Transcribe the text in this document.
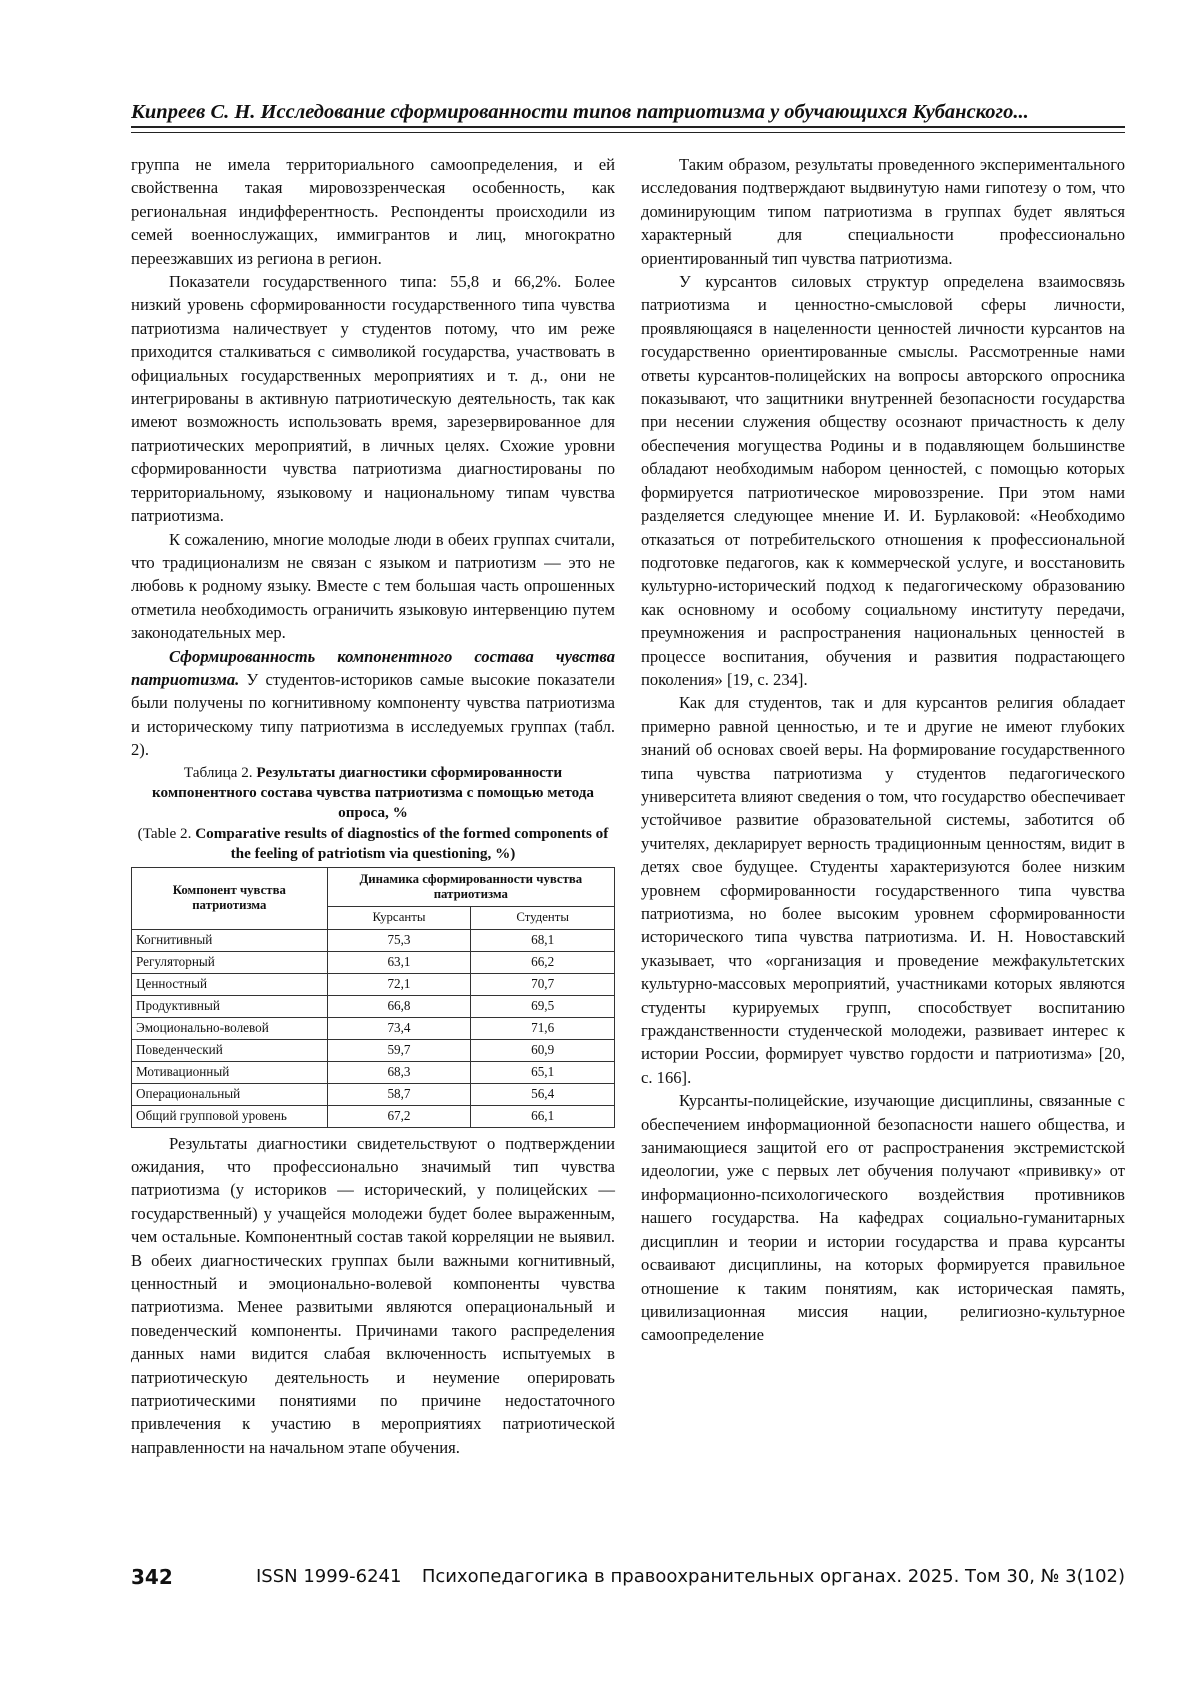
Кипреев С. Н. Исследование сформированности типов патриотизма у обучающихся Кубанского...

группа не имела территориального самоопределения, и ей свойственна такая мировоззренческая особенность, как региональная индифферентность. Респонденты происходили из семей военнослужащих, иммигрантов и лиц, многократно переезжавших из региона в регион.

Показатели государственного типа: 55,8 и 66,2%. Более низкий уровень сформированности государственного типа чувства патриотизма наличествует у студентов потому, что им реже приходится сталкиваться с символикой государства, участвовать в официальных государственных мероприятиях и т. д., они не интегрированы в активную патриотическую деятельность, так как имеют возможность использовать время, зарезервированное для патриотических мероприятий, в личных целях. Схожие уровни сформированности чувства патриотизма диагностированы по территориальному, языковому и национальному типам чувства патриотизма.

К сожалению, многие молодые люди в обеих группах считали, что традиционализм не связан с языком и патриотизм — это не любовь к родному языку. Вместе с тем большая часть опрошенных отметила необходимость ограничить языковую интервенцию путем законодательных мер.

Сформированность компонентного состава чувства патриотизма. У студентов-историков самые высокие показатели были получены по когнитивному компоненту чувства патриотизма и историческому типу патриотизма в исследуемых группах (табл. 2).

Таблица 2. Результаты диагностики сформированности компонентного состава чувства патриотизма с помощью метода опроса, %
(Table 2. Comparative results of diagnostics of the formed components of the feeling of patriotism via questioning, %)
Компонент чувства патриотизма	Динамика сформированности чувства патриотизма	
	Курсанты	Студенты
Когнитивный	75,3	68,1
Регуляторный	63,1	66,2
Ценностный	72,1	70,7
Продуктивный	66,8	69,5
Эмоционально-волевой	73,4	71,6
Поведенческий	59,7	60,9
Мотивационный	68,3	65,1
Операциональный	58,7	56,4
Общий групповой уровень	67,2	66,1

Результаты диагностики свидетельствуют о подтверждении ожидания, что профессионально значимый тип чувства патриотизма (у историков — исторический, у полицейских — государственный) у учащейся молодежи будет более выраженным, чем остальные. Компонентный состав такой корреляции не выявил. В обеих диагностических группах были важными когнитивный, ценностный и эмоционально-волевой компоненты чувства патриотизма. Менее развитыми являются операциональный и поведенческий компоненты. Причинами такого распределения данных нами видится слабая включенность испытуемых в патриотическую деятельность и неумение оперировать патриотическими понятиями по причине недостаточного привлечения к участию в мероприятиях патриотической направленности на начальном этапе обучения.

Таким образом, результаты проведенного экспериментального исследования подтверждают выдвинутую нами гипотезу о том, что доминирующим типом патриотизма в группах будет являться характерный для специальности профессионально ориентированный тип чувства патриотизма.

У курсантов силовых структур определена взаимосвязь патриотизма и ценностно-смысловой сферы личности, проявляющаяся в нацеленности ценностей личности курсантов на государственно ориентированные смыслы. Рассмотренные нами ответы курсантов-полицейских на вопросы авторского опросника показывают, что защитники внутренней безопасности государства при несении служения обществу осознают причастность к делу обеспечения могущества Родины и в подавляющем большинстве обладают необходимым набором ценностей, с помощью которых формируется патриотическое мировоззрение. При этом нами разделяется следующее мнение И. И. Бурлаковой: «Необходимо отказаться от потребительского отношения к профессиональной подготовке педагогов, как к коммерческой услуге, и восстановить культурно-исторический подход к педагогическому образованию как основному и особому социальному институту передачи, преумножения и распространения национальных ценностей в процессе воспитания, обучения и развития подрастающего поколения» [19, с. 234].

Как для студентов, так и для курсантов религия обладает примерно равной ценностью, и те и другие не имеют глубоких знаний об основах своей веры. На формирование государственного типа чувства патриотизма у студентов педагогического университета влияют сведения о том, что государство обеспечивает устойчивое развитие образовательной системы, заботится об учителях, декларирует верность традиционным ценностям, видит в детях свое будущее. Студенты характеризуются более низким уровнем сформированности государственного типа чувства патриотизма, но более высоким уровнем сформированности исторического типа чувства патриотизма. И. Н. Новоставский указывает, что «организация и проведение межфакультетских культурно-массовых мероприятий, участниками которых являются студенты курируемых групп, способствует воспитанию гражданственности студенческой молодежи, развивает интерес к истории России, формирует чувство гордости и патриотизма» [20, с. 166].

Курсанты-полицейские, изучающие дисциплины, связанные с обеспечением информационной безопасности нашего общества, и занимающиеся защитой его от распространения экстремистской идеологии, уже с первых лет обучения получают «прививку» от информационно-психологического воздействия противников нашего государства. На кафедрах социально-гуманитарных дисциплин и теории и истории государства и права курсанты осваивают дисциплины, на которых формируется правильное отношение к таким понятиям, как историческая память, цивилизационная миссия нации, религиозно-культурное самоопределение

342	ISSN 1999-6241 Психопедагогика в правоохранительных органах. 2025. Том 30, № 3(102)
